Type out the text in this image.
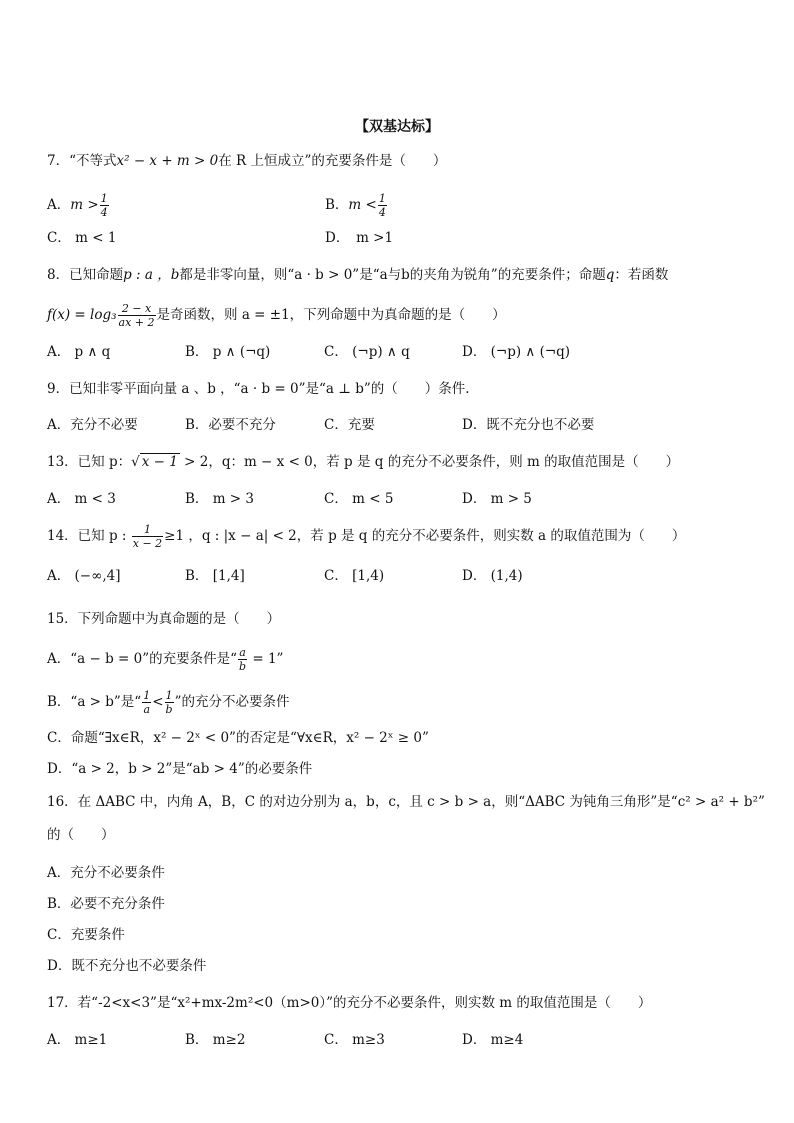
【双基达标】
7．“不等式x² − x + m > 0在 R 上恒成立”的充要条件是（　　）
A．$m > \frac{1}{4}$	B．$m < \frac{1}{4}$
C． m < 1	D．　m >1
8．已知命题p : a ，b都是非零向量，则“a · b > 0”是“a与b的夹角为锐角”的充要条件；命题q：若函数
$f(x) = \log_3 \frac{2 - x}{ax + 2}$ 是奇函数，则 a = ±1，下列命题中为真命题的是（　　）
A． p ∧ q	B． p ∧ (¬q)	C． (¬p) ∧ q	D． (¬p) ∧ (¬q)
9．已知非零平面向量 a 、b ，“a · b = 0”是“a ⊥ b”的（　　）条件.
A．充分不必要	B．必要不充分	C．充要	D．既不充分也不必要
13．已知 p：√ x − 1 > 2，q：m − x < 0，若 p 是 q 的充分不必要条件，则 m 的取值范围是（　　）
A． m < 3	B． m > 3	C． m < 5	D． m > 5
14．已知 p : $\frac{1}{x - 2} \ge 1$ ，q : |x − a| < 2，若 p 是 q 的充分不必要条件，则实数 a 的取值范围为（　　）
A． (−∞,4]	B． [1,4]	C． [1,4)	D． (1,4)
15．下列命题中为真命题的是（　　）
A．“a − b = 0”的充要条件是“ $\frac{a}{b} = 1$”
B．“a > b”是“ $\frac{1}{a} < \frac{1}{b}$ ”的充分不必要条件
C．命题“∃x∈R，x² − 2ˣ < 0”的否定是“∀x∈R，x² − 2ˣ ≥ 0”
D．“a > 2，b > 2”是“ab > 4”的必要条件
16．在 ΔABC 中，内角 A，B，C 的对边分别为 a，b，c，且 c > b > a，则“ΔABC 为钝角三角形”是“c² > a² + b²”
的（　　）
A．充分不必要条件
B．必要不充分条件
C．充要条件
D．既不充分也不必要条件
17．若“-2<x<3”是“x²+mx-2m²<0（m>0）”的充分不必要条件，则实数 m 的取值范围是（　　）
A． m≥1	B． m≥2	C． m≥3	D． m≥4
